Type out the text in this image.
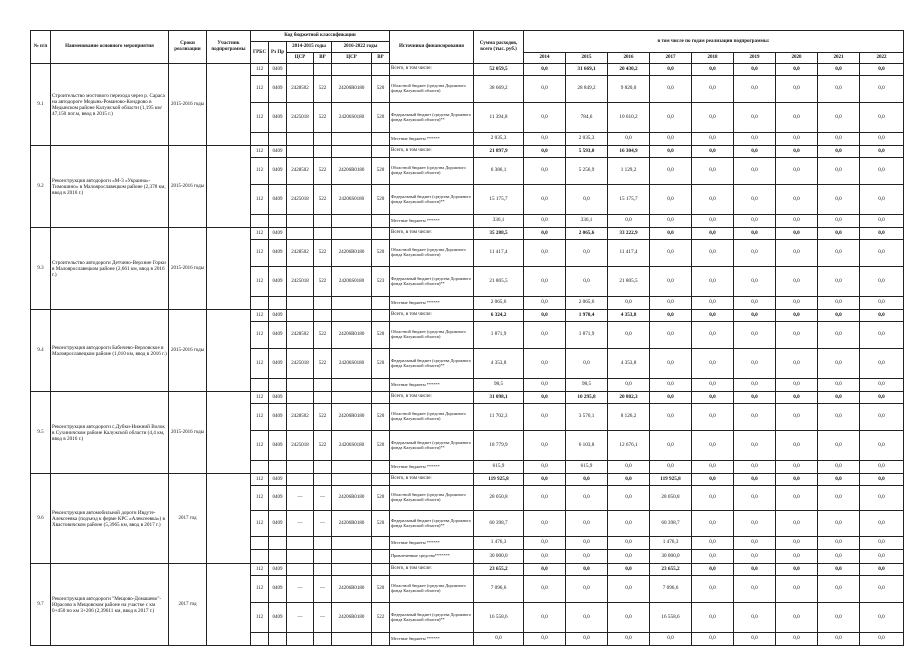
№ п/п	Наименование основного мероприятия	Сроки реализации	Участник подпрограммы	Код бюджетной классификации						Источники финансирования	Сумма расходов, всего (тыс. руб.)	в том числе по годам реализации подпрограммы:								
				ГРБС	Рз Пр	2014-2015 годы		2016-2022 годы												
						ЦСР	ВР	ЦСР	ВР											
												2014	2015	2016	2017	2018	2019	2020	2021	2022
9.1	Строительство мостового перехода через р. Сараса на автодороге Медынь-Романово-Кондрово в Медынском районе Калужской области (1,195 км/ 47,150 пог.м, ввод в 2015 г.)	2015-2016 годы		112	0409					Всего, в том числе:	52 059,5	0,0	31 669,1	20 430,2	0,0	0,0	0,0	0,0	0,0	0,0
				112	0409	2428502	522	24206R0180	520	Областной бюджет (средства Дорожного фонда Калужской области)	38 669,2	0,0	28 849,2	9 820,0	0,0	0,0	0,0	0,0	0,0	0,0
				112	0409	2425018	522	24206S0180	520	Федеральный бюджет (средства Дорожного фонда Калужской области)**	11 394,8	0,0	784,6	10 610,2	0,0	0,0	0,0	0,0	0,0	0,0
										Местные бюджеты ******	2 035,3	0,0	2 035,3	0,0	0,0	0,0	0,0	0,0	0,0	0,0
9.2	Реконструкция автодороги «М-3 «Украина»-Тимошино» в Малоярославецком районе (2,378 км, ввод в 2016 г.)	2015-2016 годы		112	0409					Всего, в том числе:	21 897,9	0,0	5 593,0	16 304,9	0,0	0,0	0,0	0,0	0,0	0,0
				112	0409	2428502	522	24206R0180	520	Областной бюджет (средства Дорожного фонда Калужской области)	6 386,1	0,0	5 256,9	1 129,2	0,0	0,0	0,0	0,0	0,0	0,0
				112	0409	2425018	522	24206S0180	520	Федеральный бюджет (средства Дорожного фонда Калужской области)**	15 175,7	0,0	0,0	15 175,7	0,0	0,0	0,0	0,0	0,0	0,0
										Местные бюджеты ******	336,1	0,0	336,1	0,0	0,0	0,0	0,0	0,0	0,0	0,0
9.3	Строительство автодороги Детчино-Верхние Горки в Малоярославецком районе (2,661 км, ввод в 2016 г.)	2015-2016 годы		112	0409					Всего, в том числе:	35 288,5	0,0	2 065,6	33 222,9	0,0	0,0	0,0	0,0	0,0	0,0
				112	0409	2428502	522	24206R0180	520	Областной бюджет (средства Дорожного фонда Калужской области)	11 417,4	0,0	0,0	11 417,4	0,0	0,0	0,0	0,0	0,0	0,0
				112	0409	2425018	522	24206S0180	523	Федеральный бюджет (средства Дорожного фонда Калужской области)**	21 805,5	0,0	0,0	21 805,5	0,0	0,0	0,0	0,0	0,0	0,0
										Местные бюджеты ******	2 065,6	0,0	2 065,6	0,0	0,0	0,0	0,0	0,0	0,0	0,0
9.4	Реконструкция автодороги Бабичево-Верховское в Малоярославецком районе (1,010 км, ввод в 2016 г.)	2015-2016 годы		112	0409					Всего, в том числе:	6 324,2	0,0	1 970,4	4 353,8	0,0	0,0	0,0	0,0	0,0	0,0
				112	0409	2428502	522	24206R0180	520	Областной бюджет (средства Дорожного фонда Калужской области)	1 871,9	0,0	1 871,9	0,0	0,0	0,0	0,0	0,0	0,0	0,0
				112	0409	2425018	522	24206S0180	520	Федеральный бюджет (средства Дорожного фонда Калужской области)**	4 353,8	0,0	0,0	4 353,8	0,0	0,0	0,0	0,0	0,0	0,0
										Местные бюджеты ******	98,5	0,0	98,5	0,0	0,0	0,0	0,0	0,0	0,0	0,0
9.5	Реконструкция автодороги с.Дубки-Нижний Волок в Сухиничском районе Калужской области (4,4 км, ввод в 2016 г.)	2015-2016 годы		112	0409					Всего, в том числе:	31 098,1	0,0	10 295,8	20 802,3	0,0	0,0	0,0	0,0	0,0	0,0
				112	0409	2428502	522	24206R0180	520	Областной бюджет (средства Дорожного фонда Калужской области)	11 702,3	0,0	3 576,1	8 126,2	0,0	0,0	0,0	0,0	0,0	0,0
				112	0409	2425018	522	24206S0180	520	Федеральный бюджет (средства Дорожного фонда Калужской области)**	18 779,9	0,0	6 103,8	12 676,1	0,0	0,0	0,0	0,0	0,0	0,0
										Местные бюджеты ******	615,9	0,0	615,9	0,0	0,0	0,0	0,0	0,0	0,0	0,0
9.6	Реконструкция автомобильной дороги Ивдуте-Алексеевка (подъезд к ферме КРС «Алексеевка») в Хвастовичском районе (5,3965 км, ввод в 2017 г.)	2017 год		112	0409					Всего, в том числе:	119 925,8	0,0	0,0	0,0	119 925,8	0,0	0,0	0,0	0,0	0,0
				112	0409	—	—	24206R0180	520	Областной бюджет (средства Дорожного фонда Калужской области)	28 050,8	0,0	0,0	0,0	28 050,8	0,0	0,0	0,0	0,0	0,0
				112	0409	—	—	24206R0180	520	Федеральный бюджет (средства Дорожного фонда Калужской области)**	60 398,7	0,0	0,0	0,0	60 398,7	0,0	0,0	0,0	0,0	0,0
										Местные бюджеты ******	1 476,3	0,0	0,0	0,0	1 476,3	0,0	0,0	0,0	0,0	0,0
										Привлеченные средства*******	30 000,0	0,0	0,0	0,0	30 000,0	0,0	0,0	0,0	0,0	0,0
9.7	Реконструкция автодороги "Мещово-Домашево"-Юрасово в Мещовском районе на участке с км 0+450 по км 3+206 (2,39611 км, ввод в 2017 г.)	2017 год		112	0409					Всего, в том числе:	23 655,2	0,0	0,0	0,0	23 655,2	0,0	0,0	0,0	0,0	0,0
				112	0409	—	—	24206R0180	520	Областной бюджет (средства Дорожного фонда Калужской области)	7 096,6	0,0	0,0	0,0	7 096,6	0,0	0,0	0,0	0,0	0,0
				112	0409	—	—	24206R0180	522	Федеральный бюджет (средства Дорожного фонда Калужской области)**	16 558,6	0,0	0,0	0,0	16 558,6	0,0	0,0	0,0	0,0	0,0
										Местные бюджеты ******	0,0	0,0	0,0	0,0	0,0	0,0	0,0	0,0	0,0	0,0
